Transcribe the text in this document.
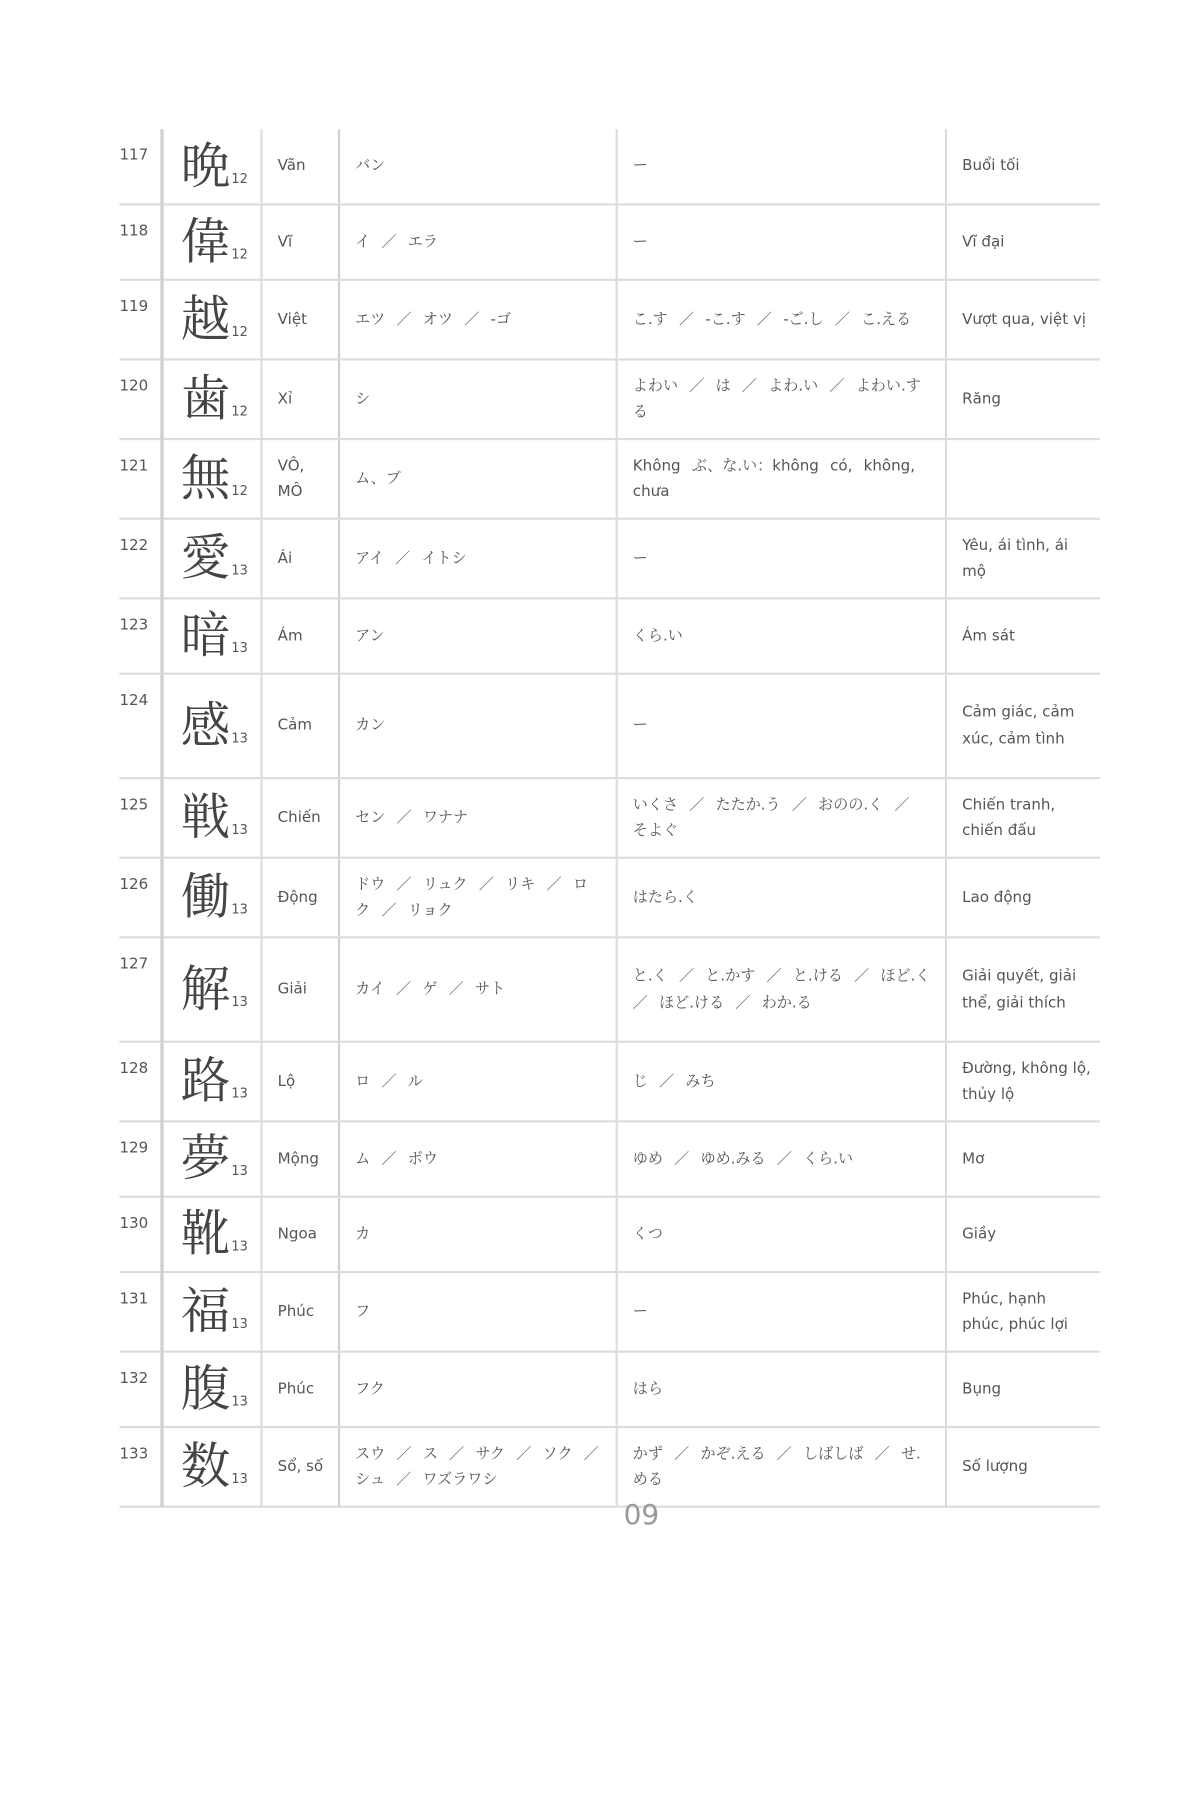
117	晩12	Vãn	バン	ー	Buổi tối
118	偉12	Vĩ	イ ／ エラ	ー	Vĩ đại
119	越12	Việt	エツ ／ オツ ／ -ゴ	こ.す ／ -こ.す ／ -ご.し ／ こ.える	Vượt qua, việt vị
120	歯12	Xỉ	シ	よわい ／ は ／ よわ.い ／ よわい.する	Răng
121	無12	VÔ, MÔ	ム、ブ	Không ぶ、な.い：không có, không, chưa	
122	愛13	Ái	アイ ／ イトシ	ー	Yêu, ái tình, ái mộ
123	暗13	Ám	アン	くら.い	Ám sát
124	感13	Cảm	カン	ー	Cảm giác, cảm xúc, cảm tình
125	戦13	Chiến	セン ／ ワナナ	いくさ ／ たたか.う ／ おのの.く ／ そよぐ	Chiến tranh, chiến đấu
126	働13	Động	ドウ ／ リュク ／ リキ ／ ロク ／ リョク	はたら.く	Lao động
127	解13	Giải	カイ ／ ゲ ／ サト	と.く ／ と.かす ／ と.ける ／ ほど.く ／ ほど.ける ／ わか.る	Giải quyết, giải thể, giải thích
128	路13	Lộ	ロ ／ ル	じ ／ みち	Đường, không lộ, thủy lộ
129	夢13	Mộng	ム ／ ボウ	ゆめ ／ ゆめ.みる ／ くら.い	Mơ
130	靴13	Ngoa	カ	くつ	Giầy
131	福13	Phúc	フ	ー	Phúc, hạnh phúc, phúc lợi
132	腹13	Phúc	フク	はら	Bụng
133	数13	Sổ, số	スウ ／ ス ／ サク ／ ソク ／ シュ ／ ワズラワシ	かず ／ かぞ.える ／ しばしば ／ せ.める	Số lượng
09
